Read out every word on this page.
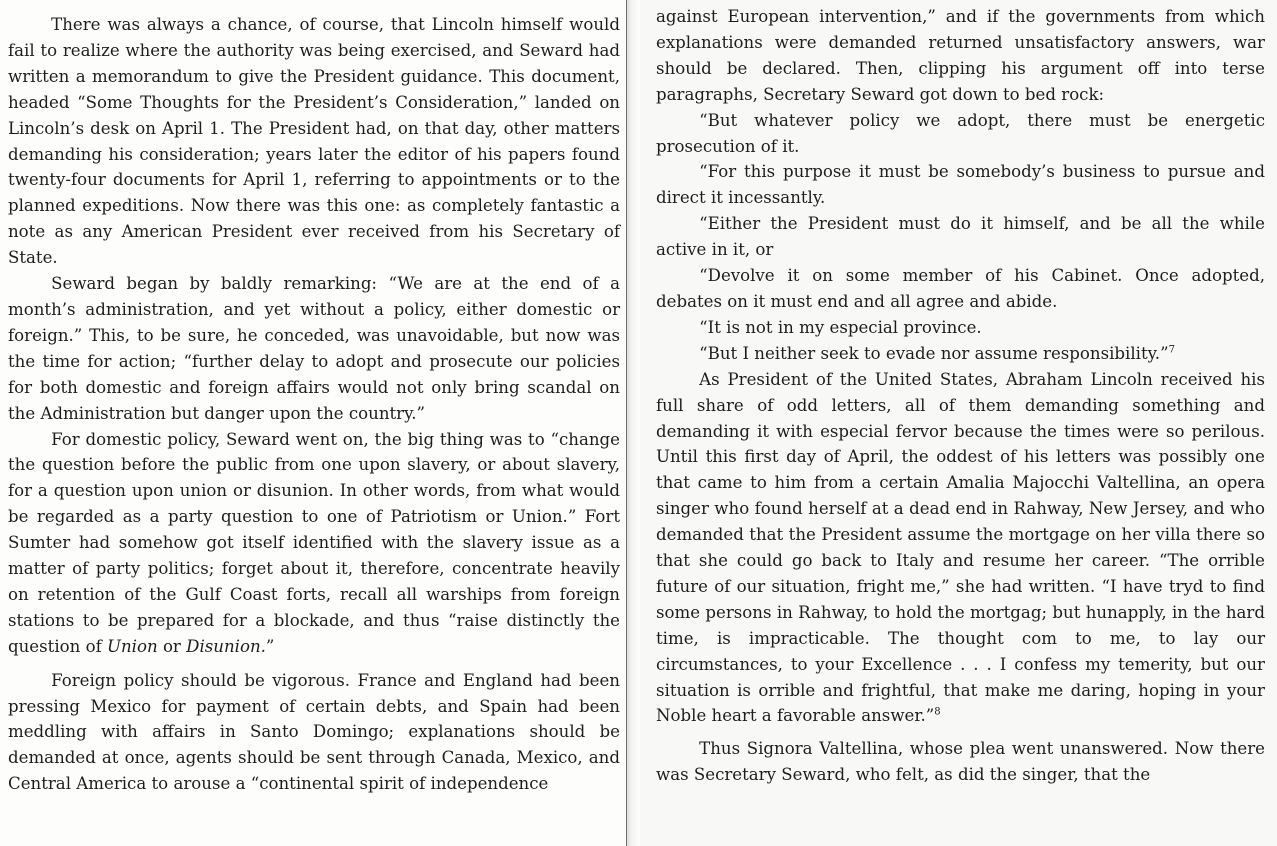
There was always a chance, of course, that Lincoln himself would fail to realize where the authority was being exercised, and Seward had written a memorandum to give the President guidance. This document, headed “Some Thoughts for the President’s Consideration,” landed on Lincoln’s desk on April 1. The President had, on that day, other matters demanding his consideration; years later the editor of his papers found twenty-four documents for April 1, referring to appointments or to the planned expeditions. Now there was this one: as completely fantastic a note as any American President ever received from his Secretary of State.

Seward began by baldly remarking: “We are at the end of a month’s administration, and yet without a policy, either domestic or foreign.” This, to be sure, he conceded, was unavoidable, but now was the time for action; “further delay to adopt and prosecute our policies for both domestic and foreign affairs would not only bring scandal on the Administration but danger upon the country.”

For domestic policy, Seward went on, the big thing was to “change the question before the public from one upon slavery, or about slavery, for a question upon union or disunion. In other words, from what would be regarded as a party question to one of Patriotism or Union.” Fort Sumter had somehow got itself identified with the slavery issue as a matter of party politics; forget about it, therefore, concentrate heavily on retention of the Gulf Coast forts, recall all warships from foreign stations to be prepared for a blockade, and thus “raise distinctly the question of Union or Disunion.”

Foreign policy should be vigorous. France and England had been pressing Mexico for payment of certain debts, and Spain had been meddling with affairs in Santo Domingo; explanations should be demanded at once, agents should be sent through Canada, Mexico, and Central America to arouse a “continental spirit of independence

against European intervention,” and if the governments from which explanations were demanded returned unsatisfactory answers, war should be declared. Then, clipping his argument off into terse paragraphs, Secretary Seward got down to bed rock:

“But whatever policy we adopt, there must be energetic prosecution of it.

“For this purpose it must be somebody’s business to pursue and direct it incessantly.

“Either the President must do it himself, and be all the while active in it, or

“Devolve it on some member of his Cabinet. Once adopted, debates on it must end and all agree and abide.

“It is not in my especial province.

“But I neither seek to evade nor assume responsibility.”$^7$

As President of the United States, Abraham Lincoln received his full share of odd letters, all of them demanding something and demanding it with especial fervor because the times were so perilous. Until this first day of April, the oddest of his letters was possibly one that came to him from a certain Amalia Majocchi Valtellina, an opera singer who found herself at a dead end in Rahway, New Jersey, and who demanded that the President assume the mortgage on her villa there so that she could go back to Italy and resume her career. “The orrible future of our situation, fright me,” she had written. “I have tryd to find some persons in Rahway, to hold the mortgag; but hunapply, in the hard time, is impracticable. The thought com to me, to lay our circumstances, to your Excellence . . . I confess my temerity, but our situation is orrible and frightful, that make me daring, hoping in your Noble heart a favorable answer.”$^8$

Thus Signora Valtellina, whose plea went unanswered. Now there was Secretary Seward, who felt, as did the singer, that the
